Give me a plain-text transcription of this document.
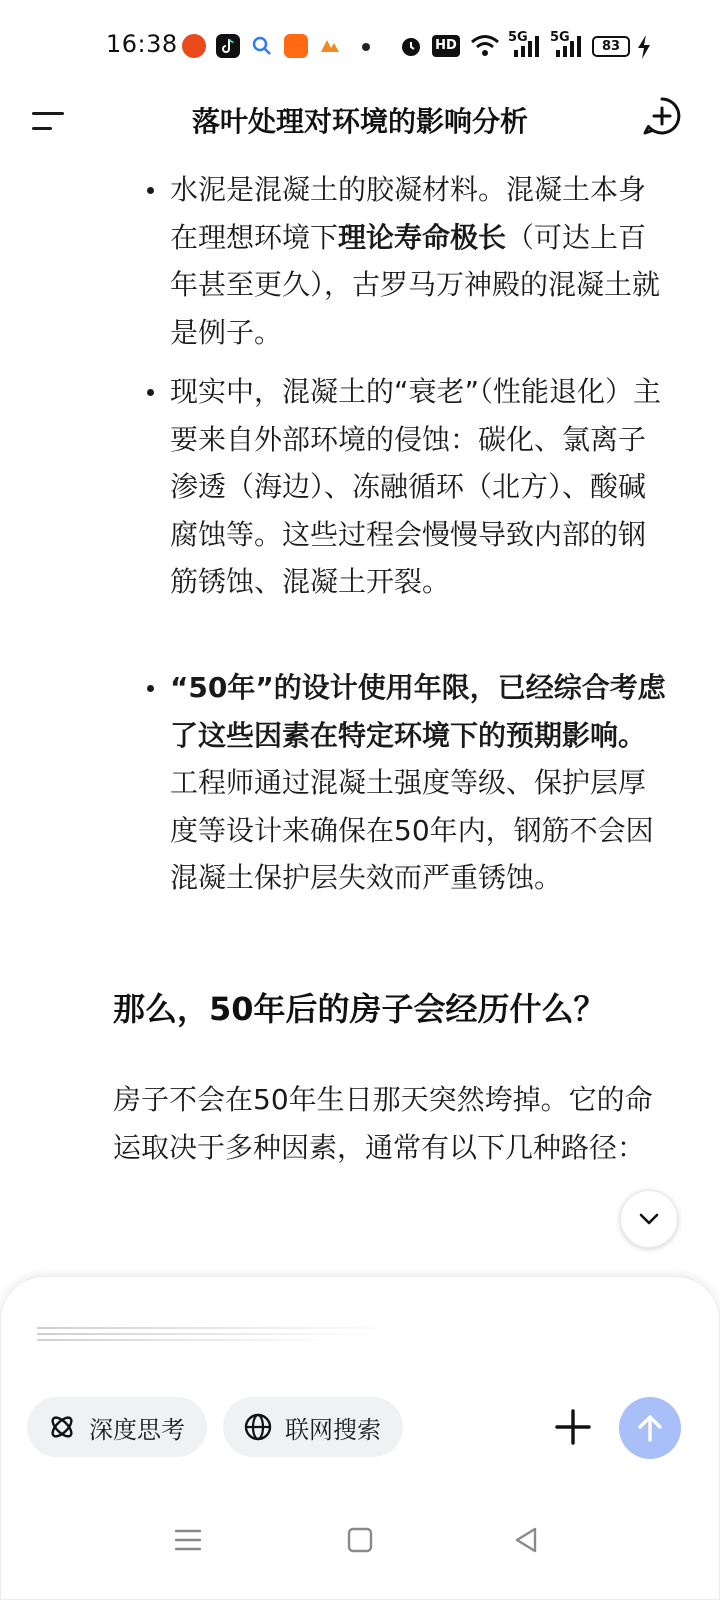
16:38	HD
5G 5G
83
落叶处理对环境的影响分析
水泥是混凝土的胶凝材料。混凝土本身在理想环境下理论寿命极长（可达上百年甚至更久），古罗马万神殿的混凝土就是例子。
现实中，混凝土的“衰老”（性能退化）主要来自外部环境的侵蚀：碳化、氯离子渗透（海边）、冻融循环（北方）、酸碱腐蚀等。这些过程会慢慢导致内部的钢筋锈蚀、混凝土开裂。
“50年”的设计使用年限，已经综合考虑了这些因素在特定环境下的预期影响。 工程师通过混凝土强度等级、保护层厚度等设计来确保在50年内，钢筋不会因混凝土保护层失效而严重锈蚀。
那么，50年后的房子会经历什么？
房子不会在50年生日那天突然垮掉。它的命运取决于多种因素，通常有以下几种路径：
深度思考	联网搜索
